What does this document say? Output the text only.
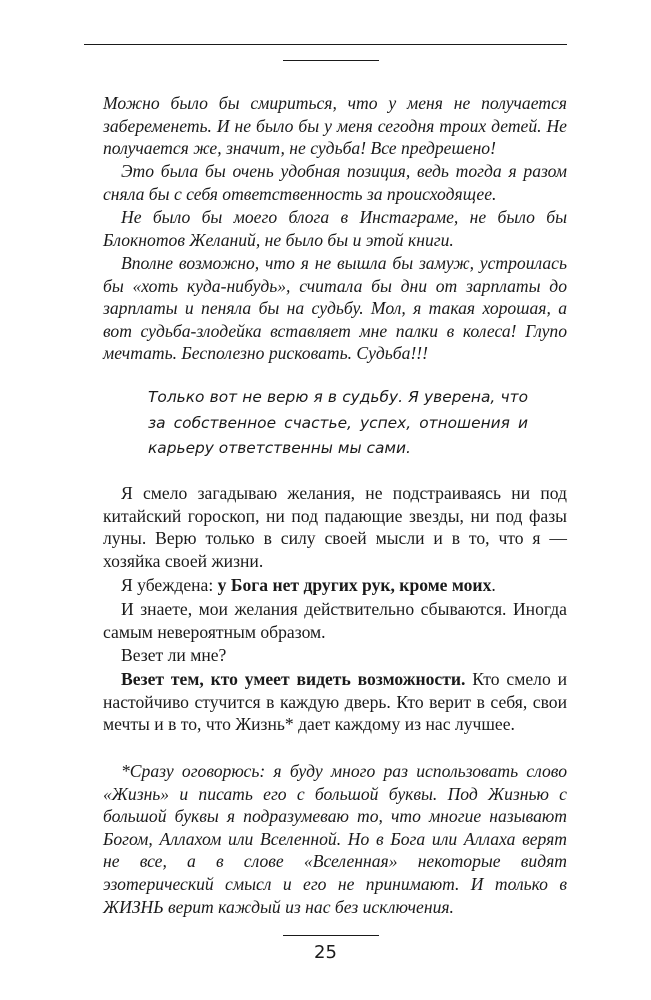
Можно было бы смириться, что у меня не получается забеременеть. И не было бы у меня сегодня троих детей. Не получается же, значит, не судьба! Все предрешено!

Это была бы очень удобная позиция, ведь тогда я разом сняла бы с себя ответственность за происходящее.

Не было бы моего блога в Инстаграме, не было бы Блокнотов Желаний, не было бы и этой книги.

Вполне возможно, что я не вышла бы замуж, устроилась бы «хоть куда-нибудь», считала бы дни от зарплаты до зарплаты и пеняла бы на судьбу. Мол, я такая хорошая, а вот судьба-злодейка вставляет мне палки в колеса! Глупо мечтать. Бесполезно рисковать. Судьба!!!

Только вот не верю я в судьбу. Я уверена, что за собственное счастье, успех, отношения и карьеру ответственны мы сами.

Я смело загадываю желания, не подстраиваясь ни под китайский гороскоп, ни под падающие звезды, ни под фазы луны. Верю только в силу своей мысли и в то, что я — хозяйка своей жизни.

Я убеждена: у Бога нет других рук, кроме моих.

И знаете, мои желания действительно сбываются. Иногда самым невероятным образом.

Везет ли мне?

Везет тем, кто умеет видеть возможности. Кто смело и настойчиво стучится в каждую дверь. Кто верит в себя, свои мечты и в то, что Жизнь* дает каждому из нас лучшее.

*Сразу оговорюсь: я буду много раз использовать слово «Жизнь» и писать его с большой буквы. Под Жизнью с большой буквы я подразумеваю то, что многие называют Богом, Аллахом или Вселенной. Но в Бога или Аллаха верят не все, а в слове «Вселенная» некоторые видят эзотерический смысл и его не принимают. И только в ЖИЗНЬ верит каждый из нас без исключения.

25
